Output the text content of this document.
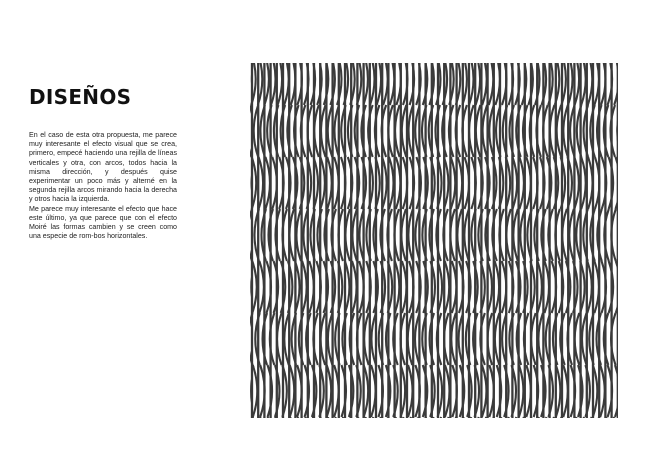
DISEÑOS

En el caso de esta otra propuesta, me parece muy interesante el efecto visual que se crea, primero, empecé haciendo una rejilla de líneas verticales y otra, con arcos, todos hacia la misma dirección, y después quise experimentar un poco más y alterné en la segunda rejilla arcos mirando hacia la derecha y otros hacia la izquierda.

Me parece muy interesante el efecto que hace este último, ya que parece que con el efecto Moiré las formas cambien y se creen como una especie de rom-bos horizontales.
